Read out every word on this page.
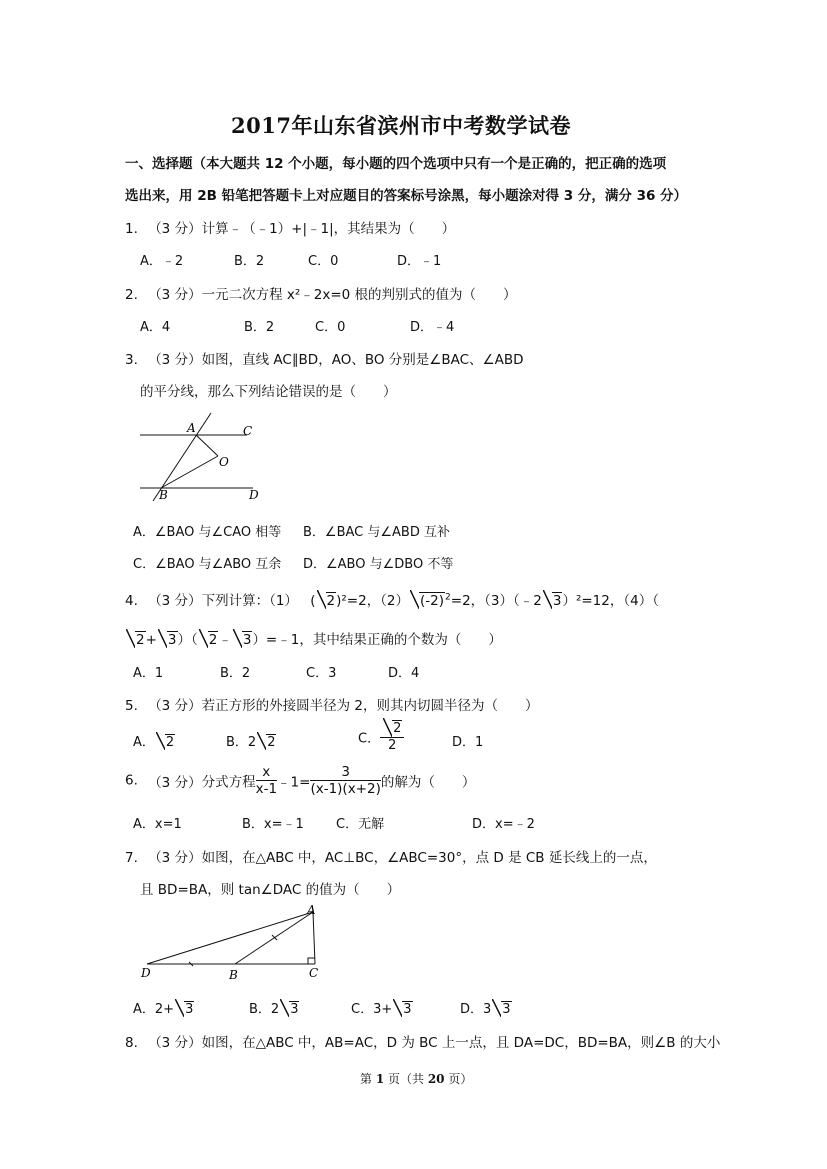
2017年山东省滨州市中考数学试卷
一、选择题（本大题共 12 个小题，每小题的四个选项中只有一个是正确的，把正确的选项
选出来，用 2B 铅笔把答题卡上对应题目的答案标号涂黑，每小题涂对得 3 分，满分 36 分）
1. （3 分）计算﹣（﹣1）+|﹣1|，其结果为（　　）
A．﹣2	B．2	C．0	D．﹣1
2. （3 分）一元二次方程 x²﹣2x=0 根的判别式的值为（　　）
A．4	B．2	C．0	D．﹣4
3. （3 分）如图，直线 AC∥BD，AO、BO 分别是∠BAC、∠ABD
的平分线，那么下列结论错误的是（　　）
A	C
O
B	D
A．∠BAO 与∠CAO 相等 B．∠BAC 与∠ABD 互补
C．∠BAO 与∠ABO 互余 D．∠ABO 与∠DBO 不等
4. （3 分）下列计算：（1） ( 2)²=2，（2） $(-2)^2=2$，（3）（﹣2 3）²=12，（4）（
2+ 3）（ 2﹣ 3）=﹣1，其中结果正确的个数为（　　）
A．1	B．2	C．3	D．4
5. （3 分）若正方形的外接圆半径为 2，则其内切圆半径为（　　）
A． 2	B．2 2	C． $\frac{2}{2}$	D．1
6. （3 分）分式方程 $\frac{x}{x-1}$ ﹣1= $\frac{3}{(x-1)(x+2)}$ 的解为（　　）
A．x=1	B．x=﹣1 C．无解	D．x=﹣2
7. （3 分）如图，在△ABC 中，AC⊥BC，∠ABC=30°，点 D 是 CB 延长线上的一点，
且 BD=BA，则 tan∠DAC 的值为（　　）
A
D	B	C
A．2+ 3	B．2 3	C．3+ 3	D．3 3
8. （3 分）如图，在△ABC 中，AB=AC，D 为 BC 上一点，且 DA=DC，BD=BA，则∠B 的大小
第 1 页（共 20 页）
